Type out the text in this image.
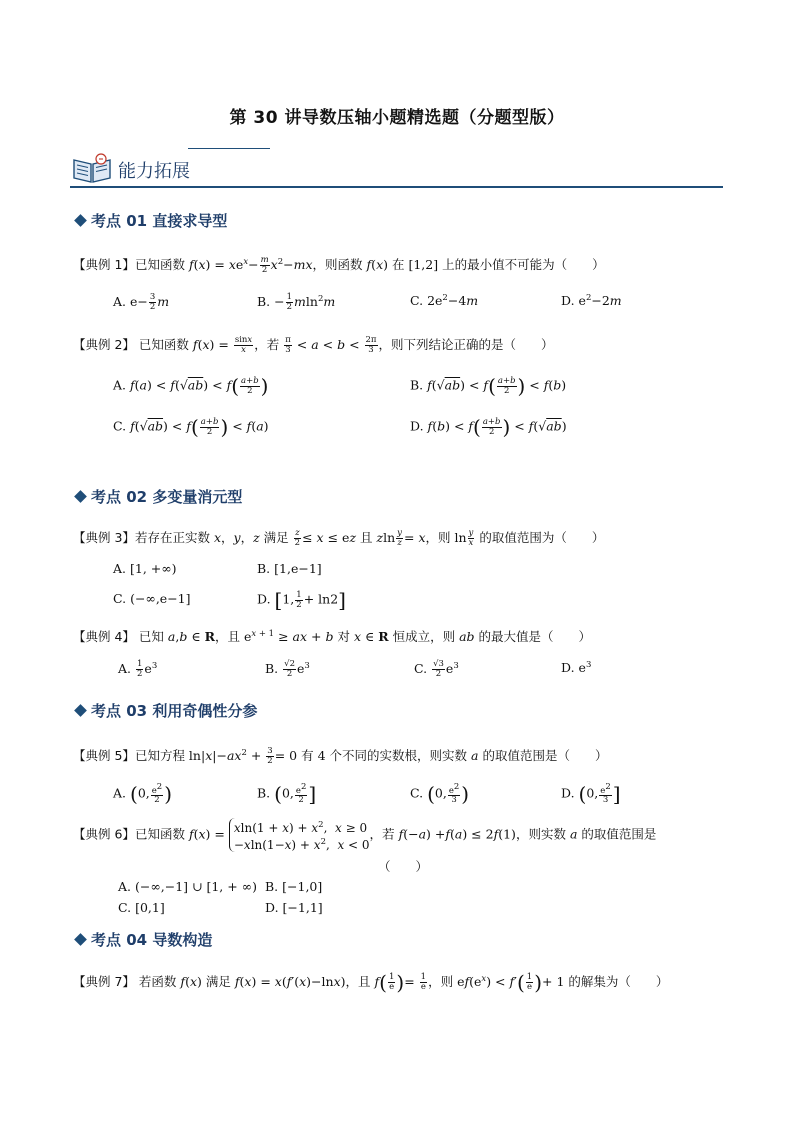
第 30 讲导数压轴小题精选题（分题型版）
能力拓展
考点 01 直接求导型
【典例 1】已知函数 $f(x) = xe^x- \frac{m}{2} x^2-mx$，则函数 f(x) 在 [1,2] 上的最小值不可能为（　　）
A. $e- \frac{3}{2}$ m	B. − $\frac{1}{2} mln^2m$	C. $2e^2-4m$	D. $e^2-2m$
【典例 2】 已知函数 $f(x) = \frac{\sin x}{x}$ ，若 $\frac{\pi}{3} < a < b < \frac{2\pi}{3}$ ，则下列结论正确的是（　　）
A. $f(a) < f(√ab) < f( \frac{a+b}{2}$ )	B. $f(√ab) < f( \frac{a+b}{2}$ ) < f(b)
C. $f(√ab) < f( \frac{a+b}{2}$ ) < f(a)	D. $f(b) < f( \frac{a+b}{2}$ ) < f(√ab)
考点 02 多变量消元型
【典例 3】若存在正实数 x，y，z 满足 $\frac{z}{2} \le x$ ≤ ez 且 zln $\frac{y}{z} = x$，则 $\ln \frac{y}{x}$ 的取值范围为（　　）
A. [1, +∞)	B. [1,e−1]
C. (−∞,e−1]	D. [1, $\frac{1}{2} + \ln 2$]
【典例 4】 已知 a,b ∈ R，且 $e^{x + 1}$ ≥ ax + b 对 x ∈ R 恒成立，则 ab 的最大值是（　　）
A. $\frac{1}{2} e^3$	B. $\frac{√2}{2} e^3$	C. $\frac{√3}{2} e^3$	D. $e^3$
考点 03 利用奇偶性分参
【典例 5】已知方程 $\ln|x|-ax^2 + \frac{3}{2} = 0$ 有 4 个不同的实数根，则实数 a 的取值范围是（　　）
A. (0, $\frac{e2}{2}$ )	B. (0, $\frac{e2}{2}$ ]	C. (0, $\frac{e2}{3}$ )	D. (0, $\frac{e2}{3}$ ]
【典例 6】已知函数 $f(x) = xln(1 + x) + x^2$,  x ≥ 0
$-xln(1-x) + x^2$,  x < 0，若 f(−a) +f(a) ≤ 2f(1)，则实数 a 的取值范围是
（　　）
A. (−∞,−1] ∪ [1, + ∞) B. [−1,0]
C. [0,1]	D. [−1,1]
考点 04 导数构造
【典例 7】 若函数 f(x) 满足 f(x) = x(f′(x)−lnx)，且 $f( \frac{1}{e}$ )= $\frac{1}{e}$ ，则 $ef(e^x) < f'( \frac{1}{e}$ )+ 1 的解集为（　　）
